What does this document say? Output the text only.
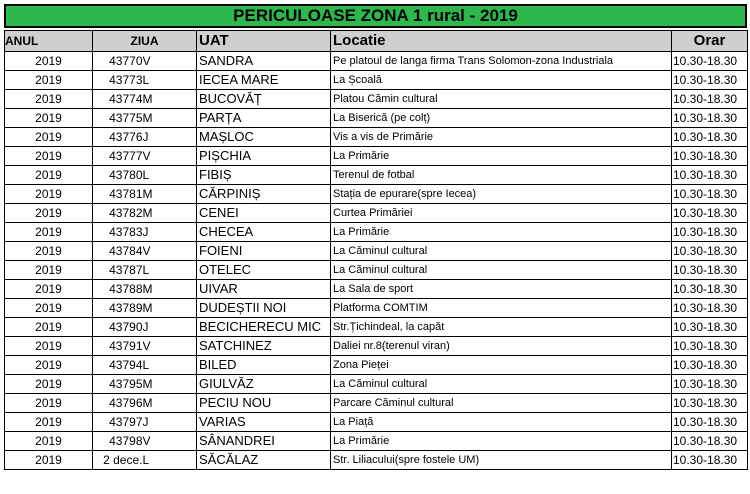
PERICULOASE ZONA 1 rural - 2019
ANUL	ZIUA		UAT	Locatie	Orar
2019	43770	V	SANDRA	Pe platoul de langa firma Trans Solomon-zona Industriala	10.30-18.30
2019	43773	L	IECEA MARE	La Școală	10.30-18.30
2019	43774	M	BUCOVĂȚ	Platou Cămin cultural	10.30-18.30
2019	43775	M	PARȚA	La Biserică (pe colț)	10.30-18.30
2019	43776	J	MAȘLOC	Vis a vis de Primărie	10.30-18.30
2019	43777	V	PIȘCHIA	La Primărie	10.30-18.30
2019	43780	L	FIBIȘ	Terenul de fotbal	10.30-18.30
2019	43781	M	CĂRPINIȘ	Stația de epurare(spre Iecea)	10.30-18.30
2019	43782	M	CENEI	Curtea Primăriei	10.30-18.30
2019	43783	J	CHECEA	La Primărie	10.30-18.30
2019	43784	V	FOIENI	La Căminul cultural	10.30-18.30
2019	43787	L	OTELEC	La Căminul cultural	10.30-18.30
2019	43788	M	UIVAR	La Sala de sport	10.30-18.30
2019	43789	M	DUDEȘTII NOI	Platforma COMTIM	10.30-18.30
2019	43790	J	BECICHERECU MIC	Str.Țichindeal, la capăt	10.30-18.30
2019	43791	V	SATCHINEZ	Daliei nr.8(terenul viran)	10.30-18.30
2019	43794	L	BILED	Zona Pieței	10.30-18.30
2019	43795	M	GIULVĂZ	La Căminul cultural	10.30-18.30
2019	43796	M	PECIU NOU	Parcare Căminul cultural	10.30-18.30
2019	43797	J	VARIAS	La Piață	10.30-18.30
2019	43798	V	SÂNANDREI	La Primărie	10.30-18.30
2019	2 dece.	L	SĂCĂLAZ	Str. Liliacului(spre fostele UM)	10.30-18.30
